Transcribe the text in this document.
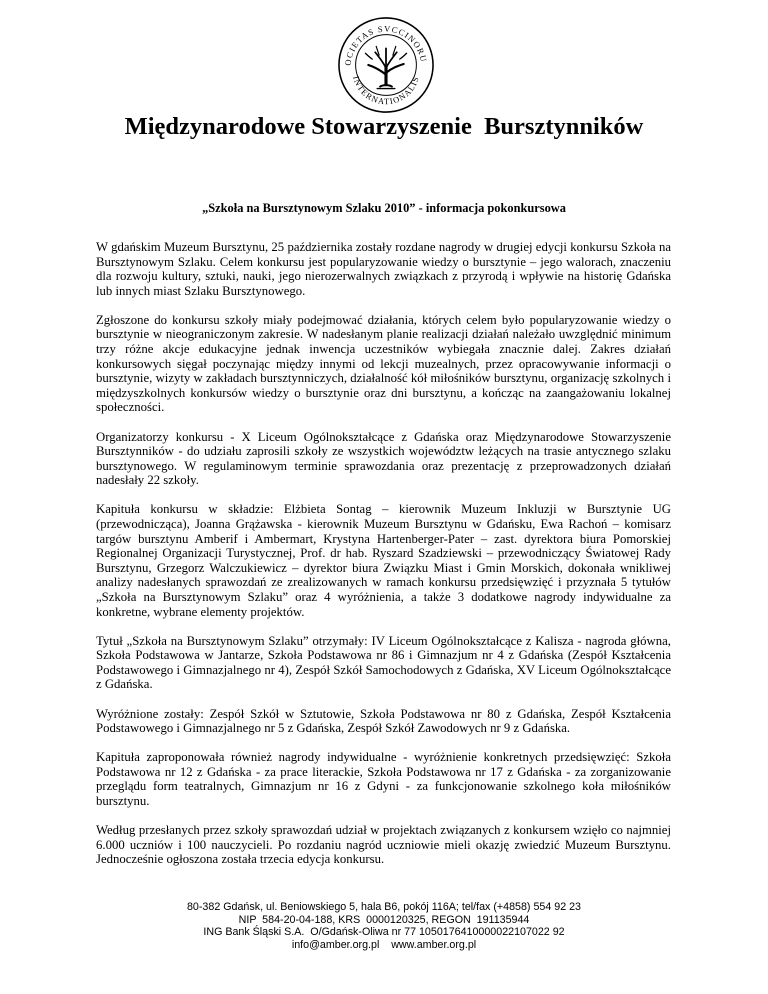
OCIETAS SVCCINORU
INTERNATIONALIS
Międzynarodowe Stowarzyszenie  Bursztynników
„Szkoła na Bursztynowym Szlaku 2010” - informacja pokonkursowa

W gdańskim Muzeum Bursztynu, 25 października zostały rozdane nagrody w drugiej edycji konkursu Szkoła na Bursztynowym Szlaku. Celem konkursu jest popularyzowanie wiedzy o bursztynie – jego walorach, znaczeniu dla rozwoju kultury, sztuki, nauki, jego nierozerwalnych związkach z przyrodą i wpływie na historię Gdańska lub innych miast Szlaku Bursztynowego.

Zgłoszone do konkursu szkoły miały podejmować działania, których celem było popularyzowanie wiedzy o bursztynie w nieograniczonym zakresie. W nadesłanym planie realizacji działań należało uwzględnić minimum trzy różne akcje edukacyjne jednak inwencja uczestników wybiegała znacznie dalej. Zakres działań konkursowych sięgał poczynając między innymi od lekcji muzealnych, przez opracowywanie informacji o bursztynie, wizyty w zakładach bursztynniczych, działalność kół miłośników bursztynu, organizację szkolnych i międzyszkolnych konkursów wiedzy o bursztynie oraz dni bursztynu, a kończąc na zaangażowaniu lokalnej społeczności.

Organizatorzy konkursu - X Liceum Ogólnokształcące z Gdańska oraz Międzynarodowe Stowarzyszenie Bursztynników - do udziału zaprosili szkoły ze wszystkich województw leżących na trasie antycznego szlaku bursztynowego. W regulaminowym terminie sprawozdania oraz prezentację z przeprowadzonych działań nadesłały 22 szkoły.

Kapituła konkursu w składzie: Elżbieta Sontag – kierownik Muzeum Inkluzji w Bursztynie UG (przewodnicząca), Joanna Grążawska - kierownik Muzeum Bursztynu w Gdańsku, Ewa Rachoń – komisarz targów bursztynu Amberif i Ambermart, Krystyna Hartenberger-Pater – zast. dyrektora biura Pomorskiej Regionalnej Organizacji Turystycznej, Prof. dr hab. Ryszard Szadziewski – przewodniczący Światowej Rady Bursztynu, Grzegorz Walczukiewicz – dyrektor biura Związku Miast i Gmin Morskich, dokonała wnikliwej analizy nadesłanych sprawozdań ze zrealizowanych w ramach konkursu przedsięwzięć i przyznała 5 tytułów „Szkoła na Bursztynowym Szlaku” oraz 4 wyróżnienia, a także 3 dodatkowe nagrody indywidualne za konkretne, wybrane elementy projektów.

Tytuł „Szkoła na Bursztynowym Szlaku” otrzymały: IV Liceum Ogólnokształcące z Kalisza - nagroda główna, Szkoła Podstawowa w Jantarze, Szkoła Podstawowa nr 86 i Gimnazjum nr 4 z Gdańska (Zespół Kształcenia Podstawowego i Gimnazjalnego nr 4), Zespół Szkół Samochodowych z Gdańska, XV Liceum Ogólnokształcące z Gdańska.

Wyróżnione zostały: Zespół Szkół w Sztutowie, Szkoła Podstawowa nr 80 z Gdańska, Zespół Kształcenia Podstawowego i Gimnazjalnego nr 5 z Gdańska, Zespół Szkół Zawodowych nr 9 z Gdańska.

Kapituła zaproponowała również nagrody indywidualne - wyróżnienie konkretnych przedsięwzięć: Szkoła Podstawowa nr 12 z Gdańska - za prace literackie, Szkoła Podstawowa nr 17 z Gdańska - za zorganizowanie przeglądu form teatralnych, Gimnazjum nr 16 z Gdyni - za funkcjonowanie szkolnego koła miłośników bursztynu.

Według przesłanych przez szkoły sprawozdań udział w projektach związanych z konkursem wzięło co najmniej 6.000 uczniów i 100 nauczycieli. Po rozdaniu nagród uczniowie mieli okazję zwiedzić Muzeum Bursztynu. Jednocześnie ogłoszona została trzecia edycja konkursu.

80-382 Gdańsk, ul. Beniowskiego 5, hala B6, pokój 116A; tel/fax (+4858) 554 92 23
NIP  584-20-04-188, KRS  0000120325, REGON  191135944
ING Bank Śląski S.A.  O/Gdańsk-Oliwa nr 77 1050176410000022107022 92
info@amber.org.pl    www.amber.org.pl
